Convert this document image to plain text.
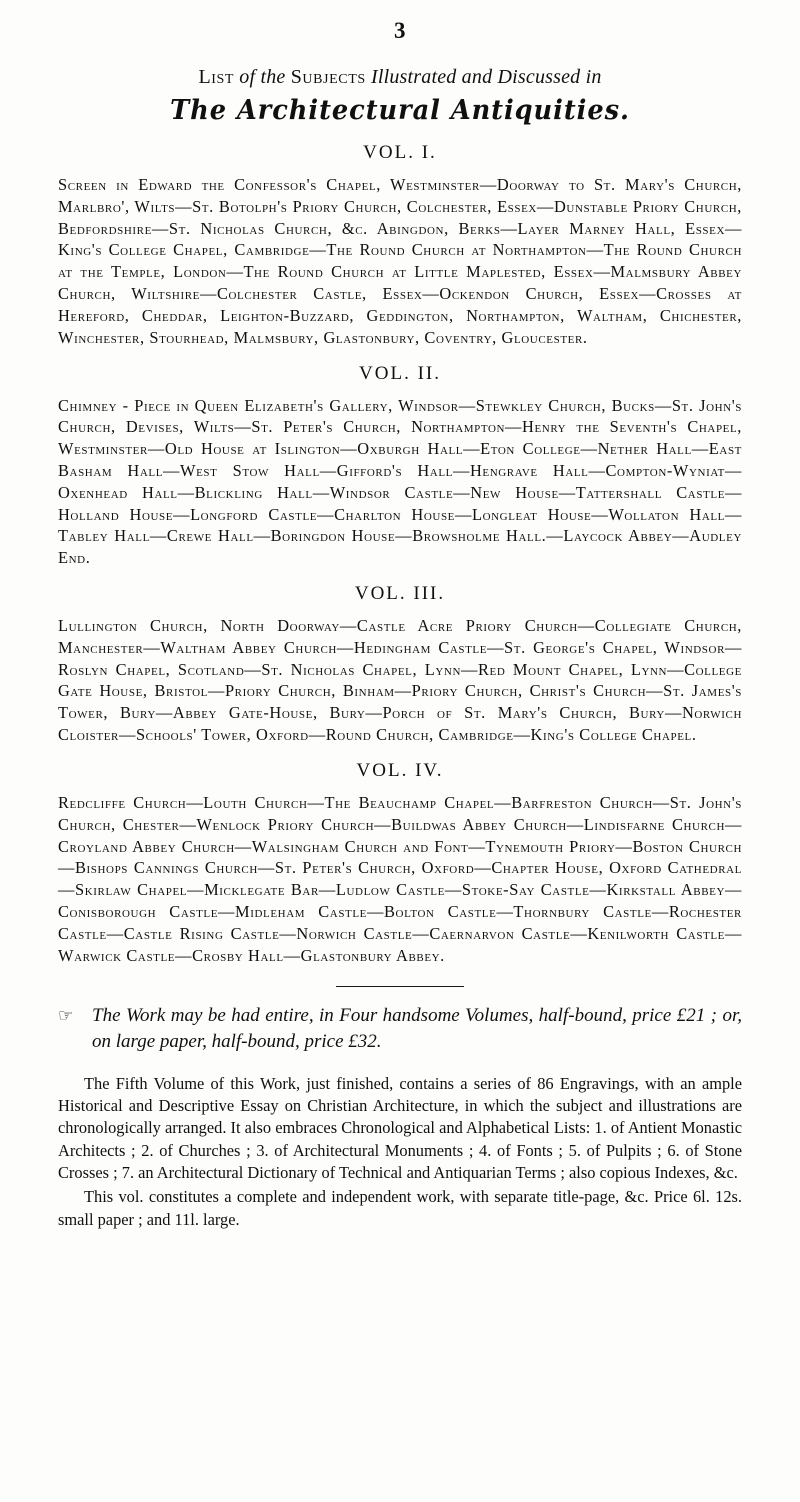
3
List of the Subjects Illustrated and Discussed in
The Architectural Antiquities.
VOL. I.
Screen in Edward the Confessor's Chapel, Westminster—Doorway to St. Mary's Church, Marlbro', Wilts—St. Botolph's Priory Church, Colchester, Essex—Dunstable Priory Church, Bedfordshire—St. Nicholas Church, &c. Abingdon, Berks—Layer Marney Hall, Essex—King's College Chapel, Cambridge—The Round Church at Northampton—The Round Church at the Temple, London—The Round Church at Little Maplested, Essex—Malmsbury Abbey Church, Wiltshire—Colchester Castle, Essex—Ockendon Church, Essex—Crosses at Hereford, Cheddar, Leighton-Buzzard, Geddington, Northampton, Waltham, Chichester, Winchester, Stourhead, Malmsbury, Glastonbury, Coventry, Gloucester.
VOL. II.
Chimney - Piece in Queen Elizabeth's Gallery, Windsor—Stewkley Church, Bucks—St. John's Church, Devises, Wilts—St. Peter's Church, Northampton—Henry the Seventh's Chapel, Westminster—Old House at Islington—Oxburgh Hall—Eton College—Nether Hall—East Basham Hall—West Stow Hall—Gifford's Hall—Hengrave Hall—Compton-Wyniat—Oxenhead Hall—Blickling Hall—Windsor Castle—New House—Tattershall Castle—Holland House—Longford Castle—Charlton House—Longleat House—Wollaton Hall—Tabley Hall—Crewe Hall—Boringdon House—Browsholme Hall.—Laycock Abbey—Audley End.
VOL. III.
Lullington Church, North Doorway—Castle Acre Priory Church—Collegiate Church, Manchester—Waltham Abbey Church—Hedingham Castle—St. George's Chapel, Windsor—Roslyn Chapel, Scotland—St. Nicholas Chapel, Lynn—Red Mount Chapel, Lynn—College Gate House, Bristol—Priory Church, Binham—Priory Church, Christ's Church—St. James's Tower, Bury—Abbey Gate-House, Bury—Porch of St. Mary's Church, Bury—Norwich Cloister—Schools' Tower, Oxford—Round Church, Cambridge—King's College Chapel.
VOL. IV.
Redcliffe Church—Louth Church—The Beauchamp Chapel—Barfreston Church—St. John's Church, Chester—Wenlock Priory Church—Buildwas Abbey Church—Lindisfarne Church—Croyland Abbey Church—Walsingham Church and Font—Tynemouth Priory—Boston Church—Bishops Cannings Church—St. Peter's Church, Oxford—Chapter House, Oxford Cathedral—Skirlaw Chapel—Micklegate Bar—Ludlow Castle—Stoke-Say Castle—Kirkstall Abbey—Conisborough Castle—Midleham Castle—Bolton Castle—Thornbury Castle—Rochester Castle—Castle Rising Castle—Norwich Castle—Caernarvon Castle—Kenilworth Castle—Warwick Castle—Crosby Hall—Glastonbury Abbey.
☞ The Work may be had entire, in Four handsome Volumes, half-bound, price £21 ; or, on large paper, half-bound, price £32.
The Fifth Volume of this Work, just finished, contains a series of 86 Engravings, with an ample Historical and Descriptive Essay on Christian Architecture, in which the subject and illustrations are chronologically arranged. It also embraces Chronological and Alphabetical Lists: 1. of Antient Monastic Architects ; 2. of Churches ; 3. of Architectural Monuments ; 4. of Fonts ; 5. of Pulpits ; 6. of Stone Crosses ; 7. an Architectural Dictionary of Technical and Antiquarian Terms ; also copious Indexes, &c.
This vol. constitutes a complete and independent work, with separate title-page, &c. Price 6l. 12s. small paper ; and 11l. large.
